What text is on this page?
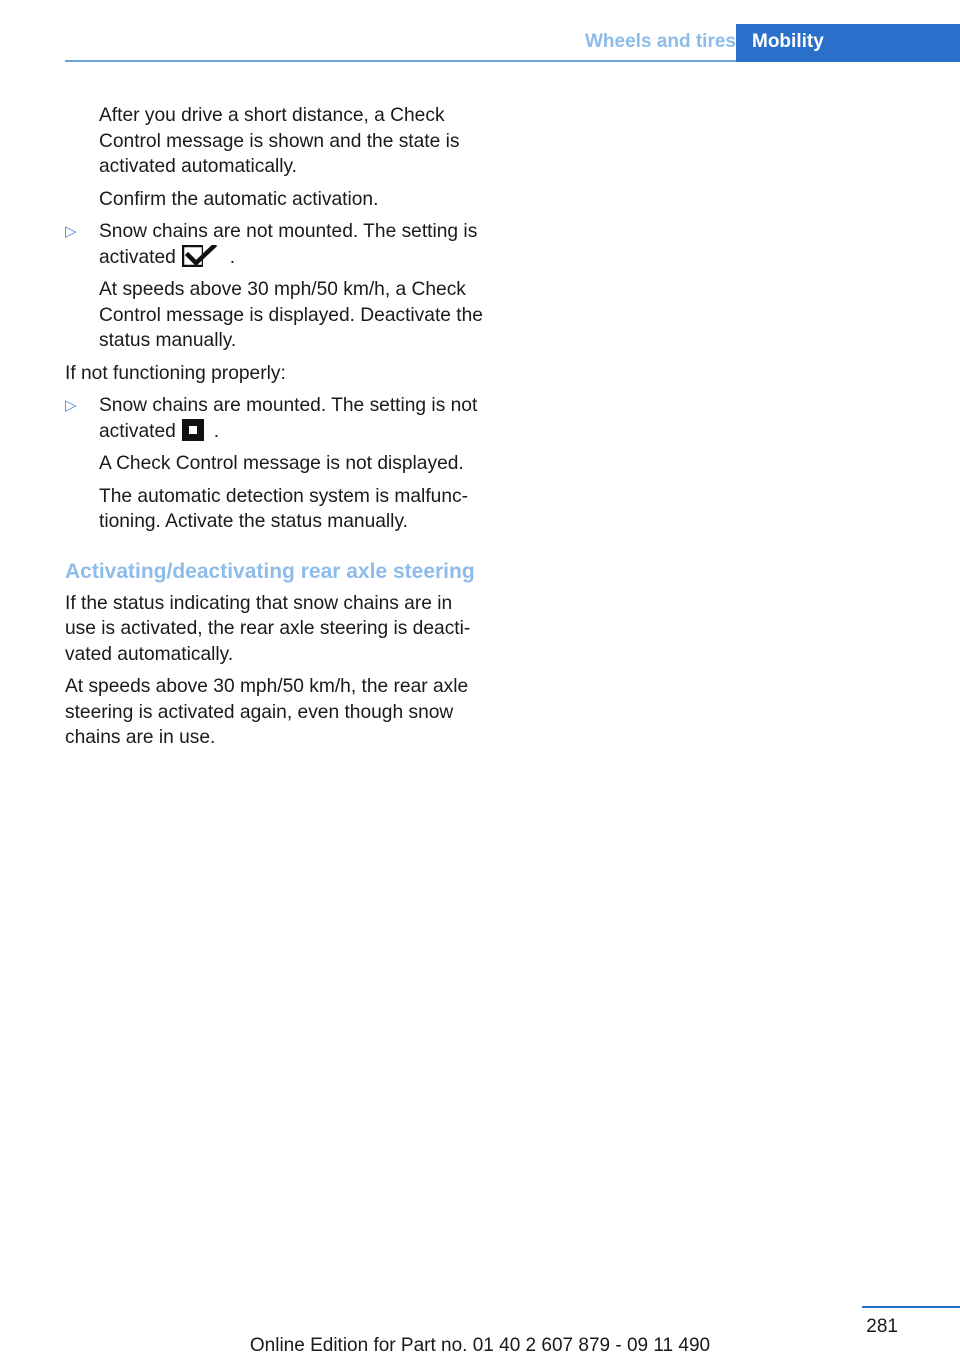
Wheels and tires Mobility

After you drive a short distance, a Check Control message is shown and the state is activated automatically.

Confirm the automatic activation.

▷ Snow chains are not mounted. The setting is activated	.

At speeds above 30 mph/50 km/h, a Check Control message is displayed. Deactivate the status manually.

If not functioning properly:

▷ Snow chains are mounted. The setting is not activated .

A Check Control message is not displayed.

The automatic detection system is malfunctioning. Activate the status manually.

Activating/deactivating rear axle steering

If the status indicating that snow chains are in use is activated, the rear axle steering is deactivated automatically.

At speeds above 30 mph/50 km/h, the rear axle steering is activated again, even though snow chains are in use.

281
Online Edition for Part no. 01 40 2 607 879 - 09 11 490
